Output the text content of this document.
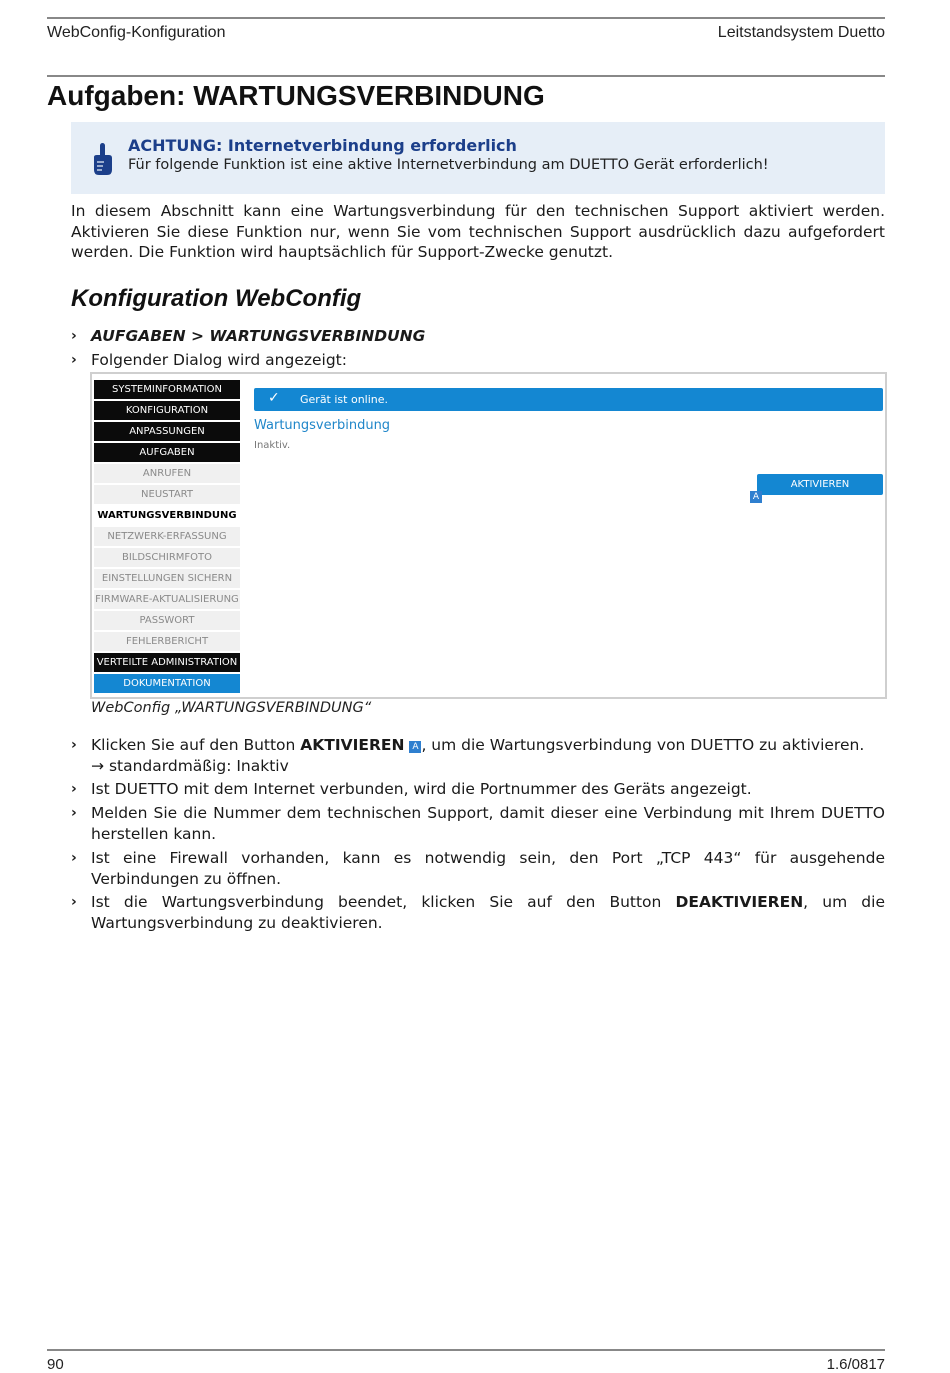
WebConfig-Konfiguration	Leitstandsystem Duetto
Aufgaben: WARTUNGSVERBINDUNG
ACHTUNG: Internetverbindung erforderlich
Für folgende Funktion ist eine aktive Internetverbindung am DUETTO Gerät erforderlich!
In diesem Abschnitt kann eine Wartungsverbindung für den technischen Support aktiviert werden. Aktivieren Sie diese Funktion nur, wenn Sie vom technischen Support ausdrücklich dazu aufgefordert werden. Die Funktion wird hauptsächlich für Support-Zwecke genutzt.
Konfiguration WebConfig
› AUFGABEN > WARTUNGSVERBINDUNG
› Folgender Dialog wird angezeigt:
SYSTEMINFORMATION
KONFIGURATION
ANPASSUNGEN
AUFGABEN
ANRUFEN
NEUSTART
WARTUNGSVERBINDUNG
NETZWERK-ERFASSUNG
BILDSCHIRMFOTO
EINSTELLUNGEN SICHERN
FIRMWARE-AKTUALISIERUNG
PASSWORT
FEHLERBERICHT
VERTEILTE ADMINISTRATION
DOKUMENTATION
✓ Gerät ist online.
Wartungsverbindung
Inaktiv.
AKTIVIEREN
A
WebConfig „WARTUNGSVERBINDUNG“
› Klicken Sie auf den Button AKTIVIEREN A , um die Wartungsverbindung von DUETTO zu aktivieren.
→ standardmäßig: Inaktiv
› Ist DUETTO mit dem Internet verbunden, wird die Portnummer des Geräts angezeigt.
› Melden Sie die Nummer dem technischen Support, damit dieser eine Verbindung mit Ihrem DUETTO herstellen kann.
› Ist eine Firewall vorhanden, kann es notwendig sein, den Port „TCP 443“ für ausgehende Verbindungen zu öffnen.
› Ist die Wartungsverbindung beendet, klicken Sie auf den Button DEAKTIVIEREN, um die Wartungsverbindung zu deaktivieren.
90	1.6/0817
